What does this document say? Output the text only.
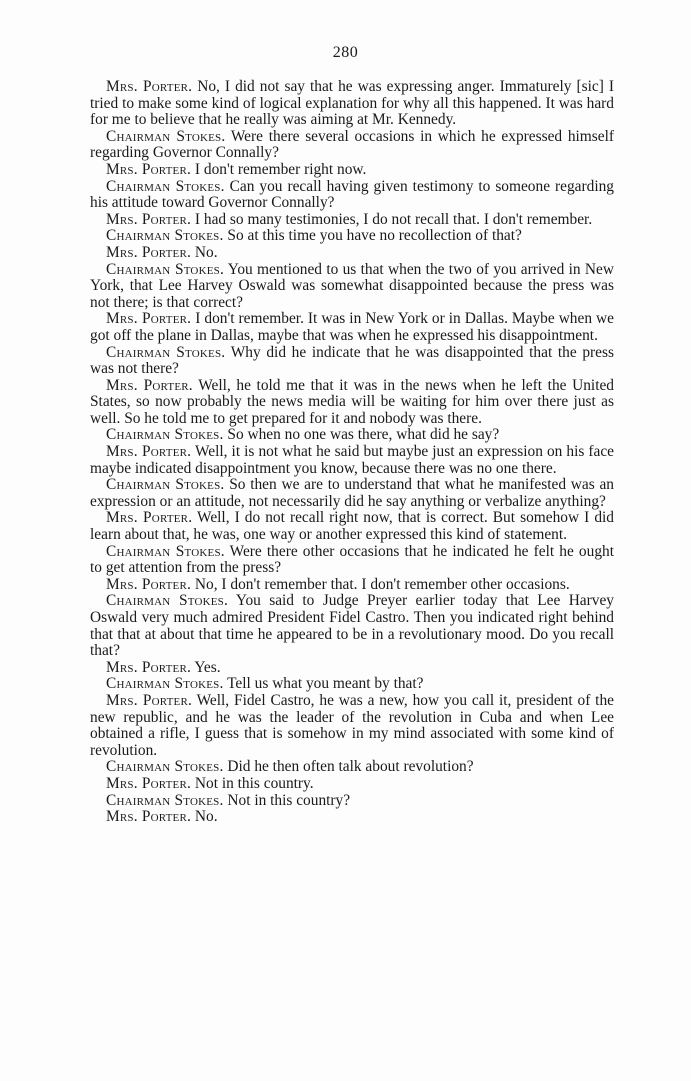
280

Mrs. Porter. No, I did not say that he was expressing anger. Immaturely [sic] I tried to make some kind of logical explanation for why all this happened. It was hard for me to believe that he really was aiming at Mr. Kennedy.

Chairman Stokes. Were there several occasions in which he expressed himself regarding Governor Connally?

Mrs. Porter. I don't remember right now.

Chairman Stokes. Can you recall having given testimony to someone regarding his attitude toward Governor Connally?

Mrs. Porter. I had so many testimonies, I do not recall that. I don't remember.

Chairman Stokes. So at this time you have no recollection of that?

Mrs. Porter. No.

Chairman Stokes. You mentioned to us that when the two of you arrived in New York, that Lee Harvey Oswald was somewhat disappointed because the press was not there; is that correct?

Mrs. Porter. I don't remember. It was in New York or in Dallas. Maybe when we got off the plane in Dallas, maybe that was when he expressed his disappointment.

Chairman Stokes. Why did he indicate that he was disappointed that the press was not there?

Mrs. Porter. Well, he told me that it was in the news when he left the United States, so now probably the news media will be waiting for him over there just as well. So he told me to get prepared for it and nobody was there.

Chairman Stokes. So when no one was there, what did he say?

Mrs. Porter. Well, it is not what he said but maybe just an expression on his face maybe indicated disappointment you know, because there was no one there.

Chairman Stokes. So then we are to understand that what he manifested was an expression or an attitude, not necessarily did he say anything or verbalize anything?

Mrs. Porter. Well, I do not recall right now, that is correct. But somehow I did learn about that, he was, one way or another expressed this kind of statement.

Chairman Stokes. Were there other occasions that he indicated he felt he ought to get attention from the press?

Mrs. Porter. No, I don't remember that. I don't remember other occasions.

Chairman Stokes. You said to Judge Preyer earlier today that Lee Harvey Oswald very much admired President Fidel Castro. Then you indicated right behind that that at about that time he appeared to be in a revolutionary mood. Do you recall that?

Mrs. Porter. Yes.

Chairman Stokes. Tell us what you meant by that?

Mrs. Porter. Well, Fidel Castro, he was a new, how you call it, president of the new republic, and he was the leader of the revolution in Cuba and when Lee obtained a rifle, I guess that is somehow in my mind associated with some kind of revolution.

Chairman Stokes. Did he then often talk about revolution?

Mrs. Porter. Not in this country.

Chairman Stokes. Not in this country?

Mrs. Porter. No.
